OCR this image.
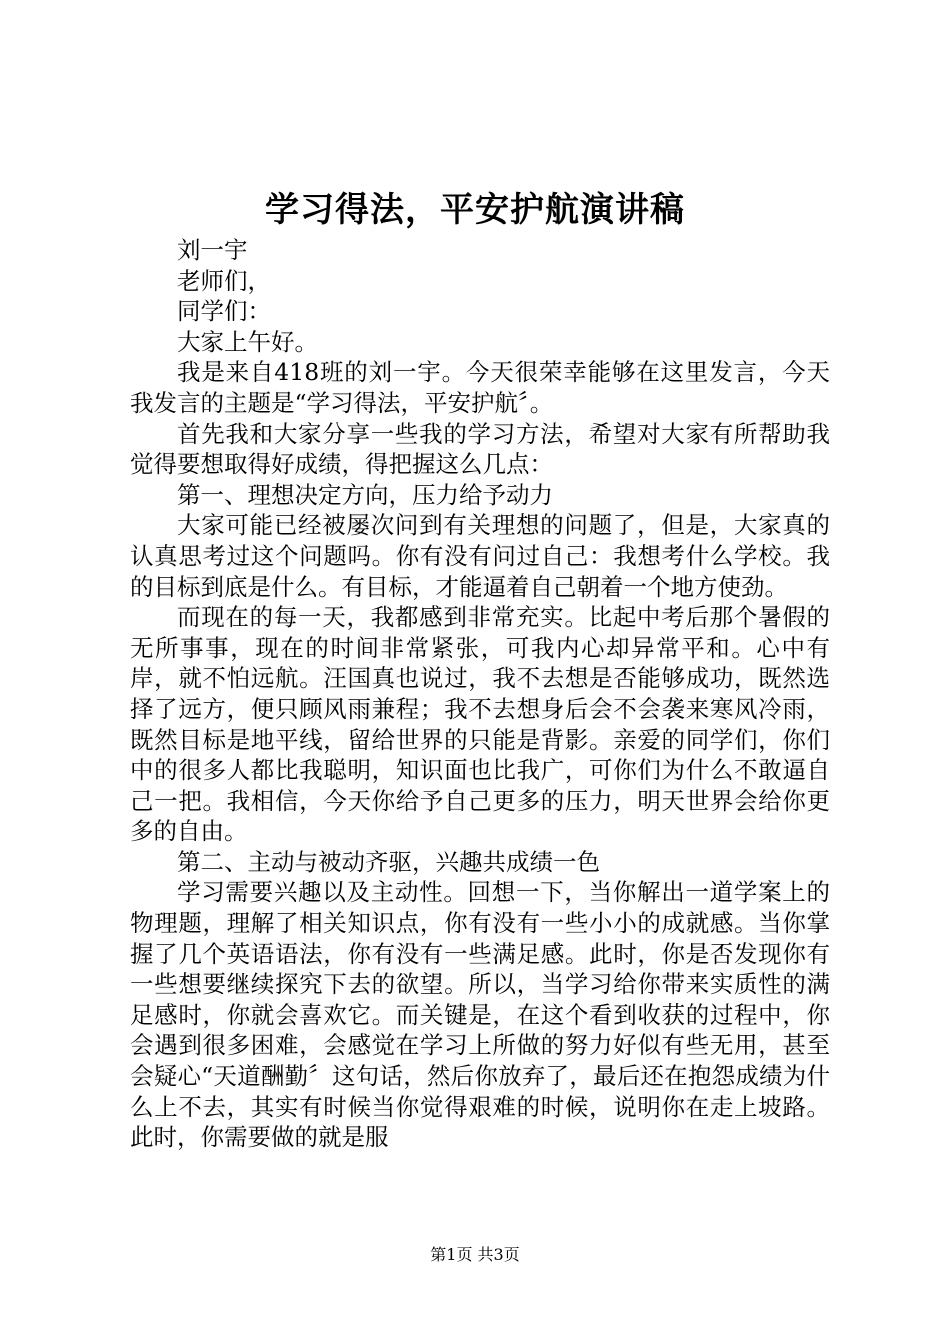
学习得法，平安护航演讲稿

刘一宇

老师们，

同学们：

大家上午好。

我是来自418班的刘一宇。今天很荣幸能够在这里发言，今天我发言的主题是“学习得法，平安护航〞。

首先我和大家分享一些我的学习方法，希望对大家有所帮助我觉得要想取得好成绩，得把握这么几点：

第一、理想决定方向，压力给予动力

大家可能已经被屡次问到有关理想的问题了，但是，大家真的认真思考过这个问题吗。你有没有问过自己：我想考什么学校。我的目标到底是什么。有目标，才能逼着自己朝着一个地方使劲。

而现在的每一天，我都感到非常充实。比起中考后那个暑假的无所事事，现在的时间非常紧张，可我内心却异常平和。心中有岸，就不怕远航。汪国真也说过，我不去想是否能够成功，既然选择了远方，便只顾风雨兼程；我不去想身后会不会袭来寒风冷雨，既然目标是地平线，留给世界的只能是背影。亲爱的同学们，你们中的很多人都比我聪明，知识面也比我广，可你们为什么不敢逼自己一把。我相信，今天你给予自己更多的压力，明天世界会给你更多的自由。

第二、主动与被动齐驱，兴趣共成绩一色

学习需要兴趣以及主动性。回想一下，当你解出一道学案上的物理题，理解了相关知识点，你有没有一些小小的成就感。当你掌握了几个英语语法，你有没有一些满足感。此时，你是否发现你有一些想要继续探究下去的欲望。所以，当学习给你带来实质性的满足感时，你就会喜欢它。而关键是，在这个看到收获的过程中，你会遇到很多困难，会感觉在学习上所做的努力好似有些无用，甚至会疑心“天道酬勤〞这句话，然后你放弃了，最后还在抱怨成绩为什么上不去，其实有时候当你觉得艰难的时候，说明你在走上坡路。此时，你需要做的就是服

第1页 共3页
